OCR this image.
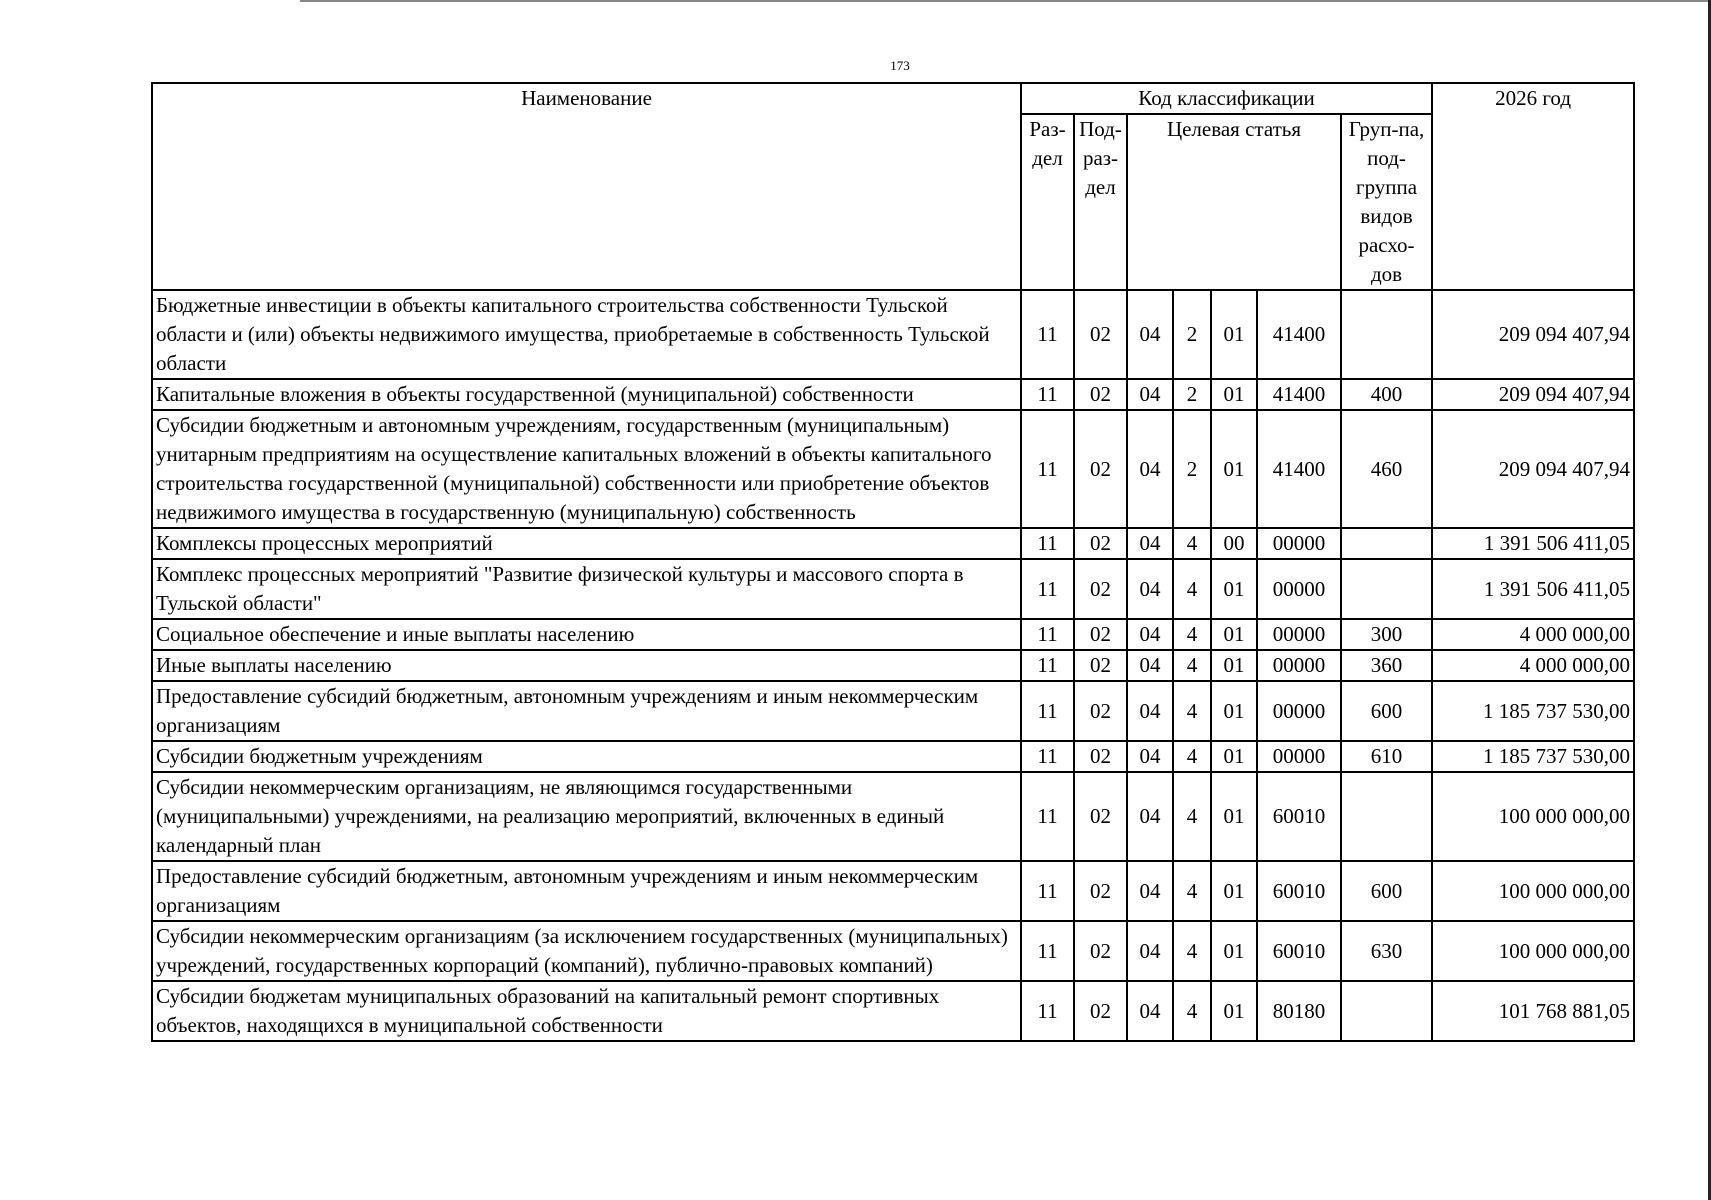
173
Наименование	Код классификации							2026 год
	Раз-дел	Под-раз-дел	Целевая статья				Груп-па, под-группа видов расхо-дов	
Бюджетные инвестиции в объекты капитального строительства собственности Тульской области и (или) объекты недвижимого имущества, приобретаемые в собственность Тульской области	11	02	04	2	01	41400		209 094 407,94
Капитальные вложения в объекты государственной (муниципальной) собственности	11	02	04	2	01	41400	400	209 094 407,94
Субсидии бюджетным и автономным учреждениям, государственным (муниципальным) унитарным предприятиям на осуществление капитальных вложений в объекты капитального строительства государственной (муниципальной) собственности или приобретение объектов недвижимого имущества в государственную (муниципальную) собственность	11	02	04	2	01	41400	460	209 094 407,94
Комплексы процессных мероприятий	11	02	04	4	00	00000		1 391 506 411,05
Комплекс процессных мероприятий "Развитие физической культуры и массового спорта в Тульской области"	11	02	04	4	01	00000		1 391 506 411,05
Социальное обеспечение и иные выплаты населению	11	02	04	4	01	00000	300	4 000 000,00
Иные выплаты населению	11	02	04	4	01	00000	360	4 000 000,00
Предоставление субсидий бюджетным, автономным учреждениям и иным некоммерческим организациям	11	02	04	4	01	00000	600	1 185 737 530,00
Субсидии бюджетным учреждениям	11	02	04	4	01	00000	610	1 185 737 530,00
Субсидии некоммерческим организациям, не являющимся государственными (муниципальными) учреждениями, на реализацию мероприятий, включенных в единый календарный план	11	02	04	4	01	60010		100 000 000,00
Предоставление субсидий бюджетным, автономным учреждениям и иным некоммерческим организациям	11	02	04	4	01	60010	600	100 000 000,00
Субсидии некоммерческим организациям (за исключением государственных (муниципальных) учреждений, государственных корпораций (компаний), публично-правовых компаний)	11	02	04	4	01	60010	630	100 000 000,00
Субсидии бюджетам муниципальных образований на капитальный ремонт спортивных объектов, находящихся в муниципальной собственности	11	02	04	4	01	80180		101 768 881,05
